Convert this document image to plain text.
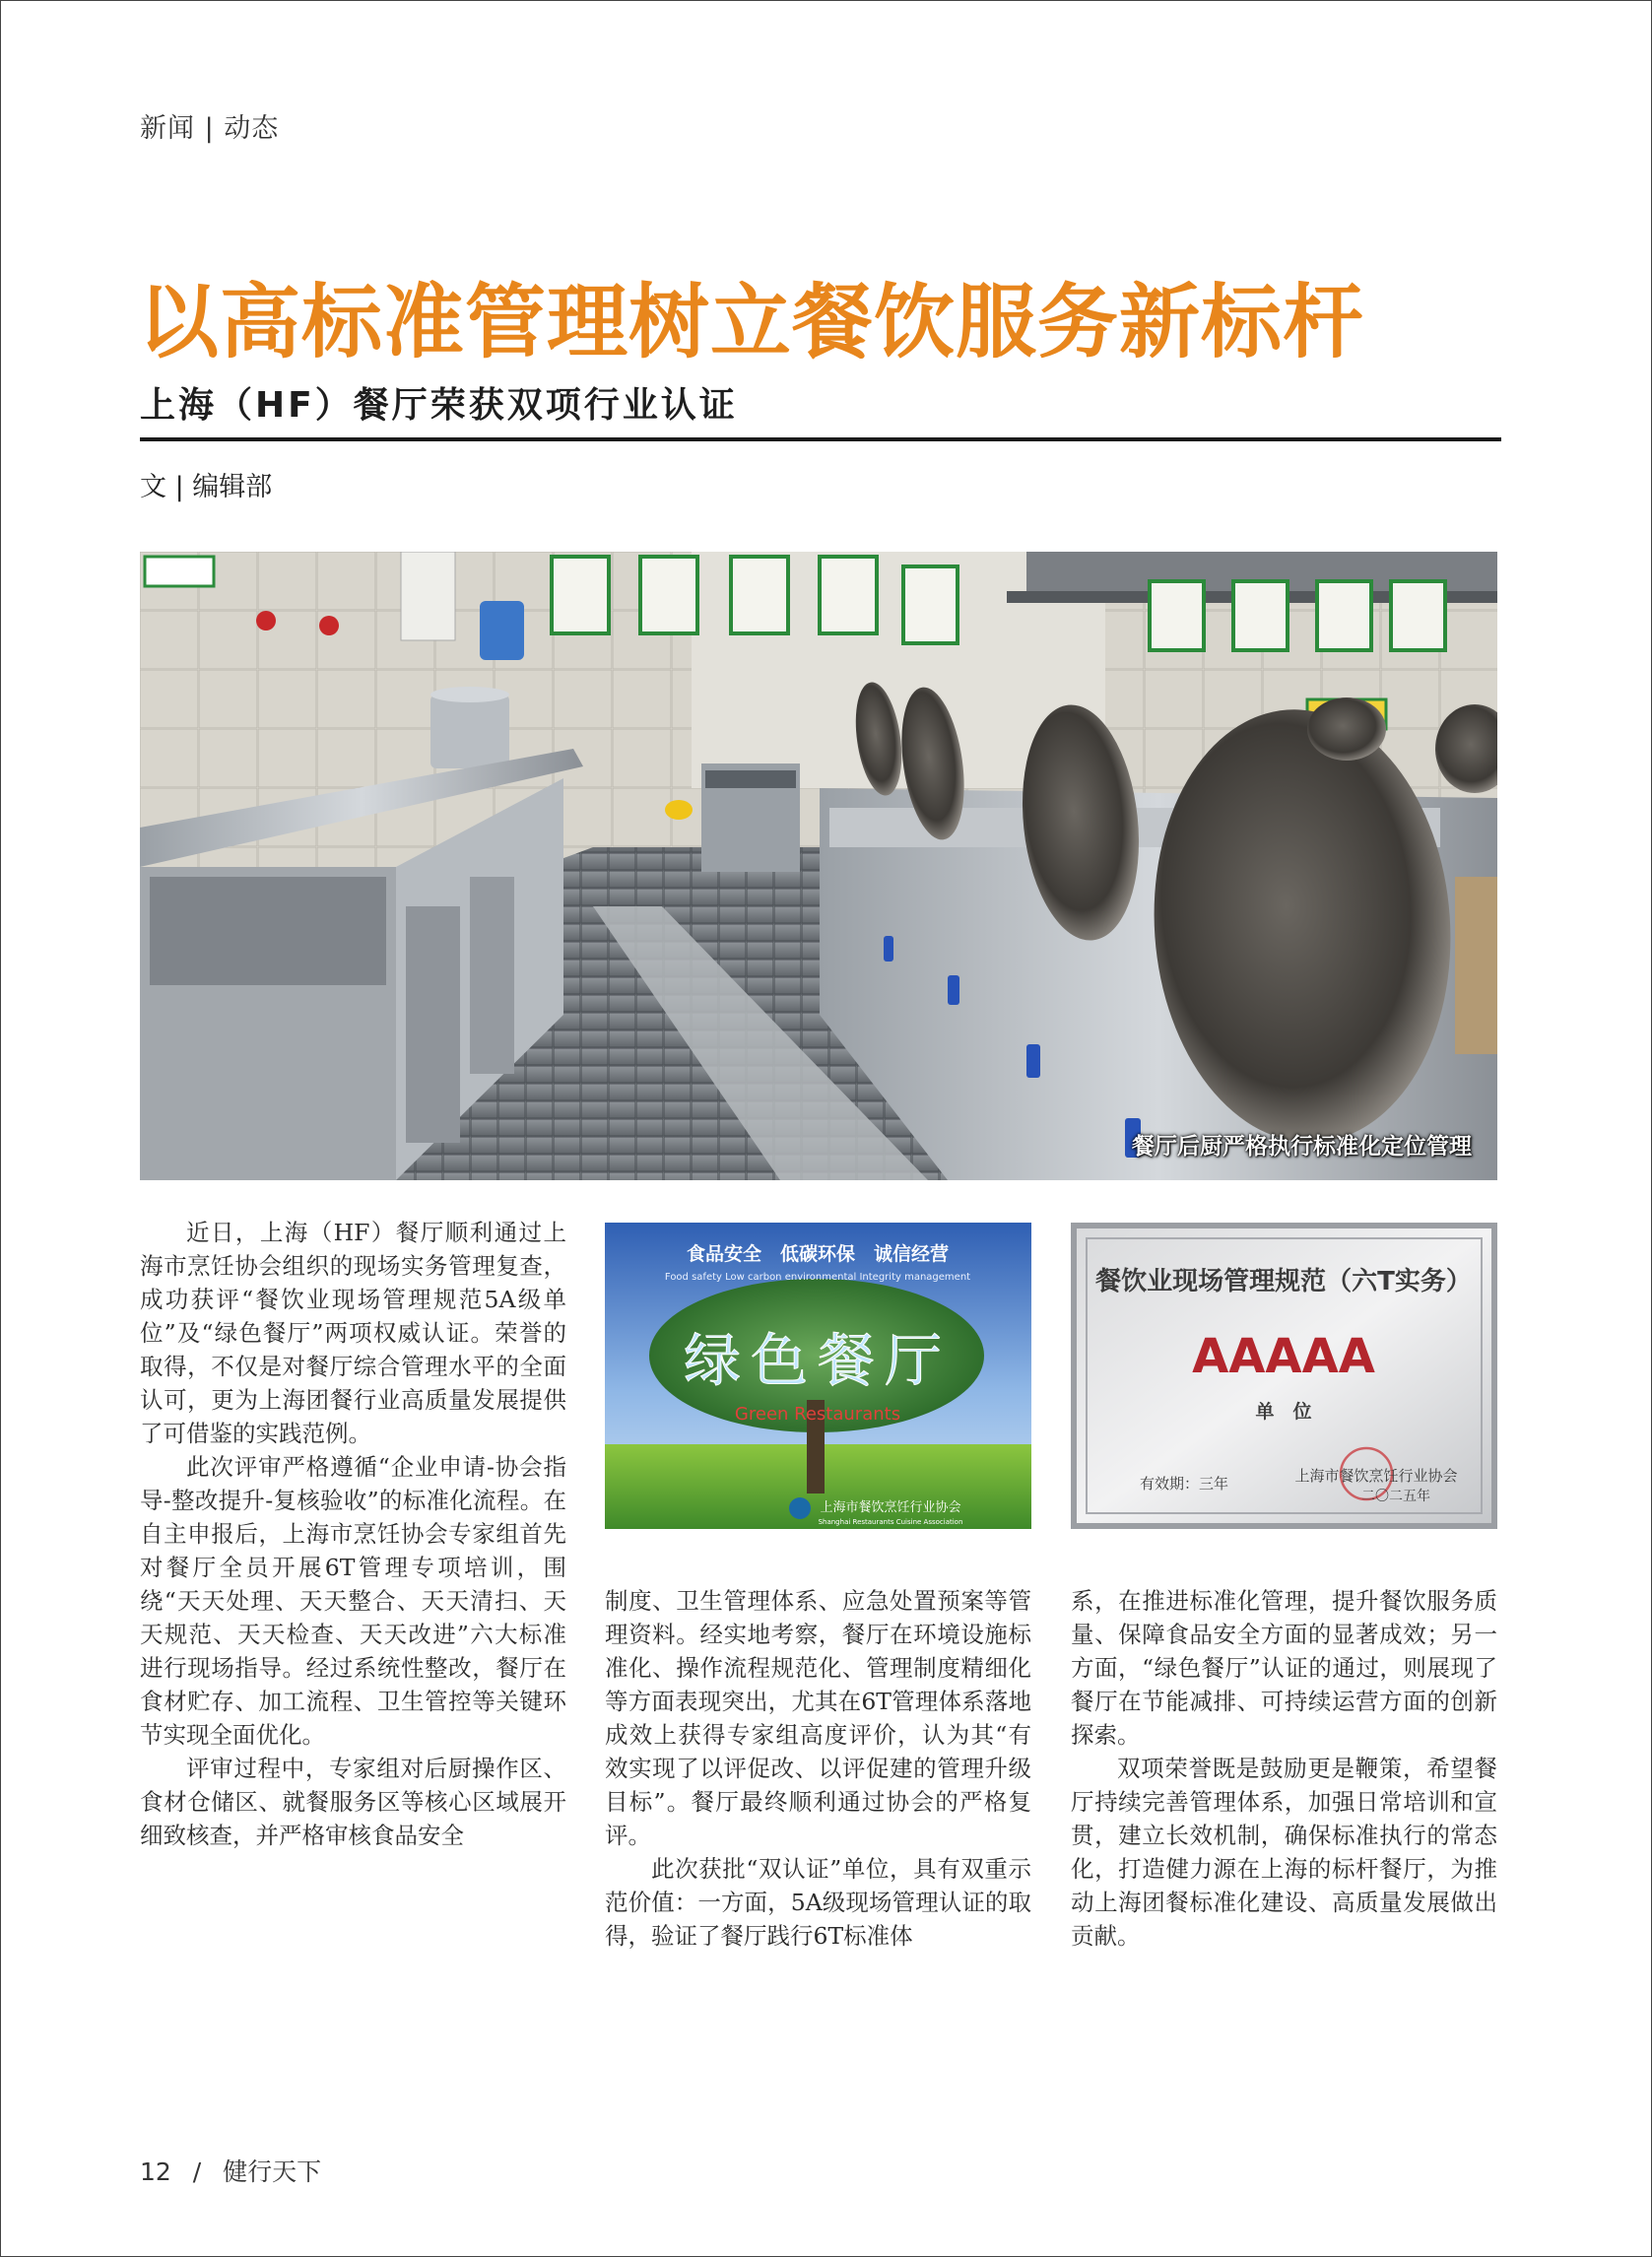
新闻 | 动态
以高标准管理树立餐饮服务新标杆
上海（HF）餐厅荣获双项行业认证
文 | 编辑部
餐厅后厨严格执行标准化定位管理

近日，上海（HF）餐厅顺利通过上海市烹饪协会组织的现场实务管理复查，成功获评“餐饮业现场管理规范5A级单位”及“绿色餐厅”两项权威认证。荣誉的取得，不仅是对餐厅综合管理水平的全面认可，更为上海团餐行业高质量发展提供了可借鉴的实践范例。

此次评审严格遵循“企业申请-协会指导-整改提升-复核验收”的标准化流程。在自主申报后，上海市烹饪协会专家组首先对餐厅全员开展6T管理专项培训，围绕“天天处理、天天整合、天天清扫、天天规范、天天检查、天天改进”六大标准进行现场指导。经过系统性整改，餐厅在食材贮存、加工流程、卫生管控等关键环节实现全面优化。

评审过程中，专家组对后厨操作区、食材仓储区、就餐服务区等核心区域展开细致核查，并严格审核食品安全

食品安全　低碳环保　诚信经营
Food safety Low carbon environmental Integrity management
绿色餐厅
Green Restaurants
上海市餐饮烹饪行业协会
Shanghai Restaurants Cuisine Association
餐饮业现场管理规范（六T实务）
AAAAA
单　位
有效期：三年	上海市餐饮烹饪行业协会
二〇二五年

制度、卫生管理体系、应急处置预案等管理资料。经实地考察，餐厅在环境设施标准化、操作流程规范化、管理制度精细化等方面表现突出，尤其在6T管理体系落地成效上获得专家组高度评价，认为其“有效实现了以评促改、以评促建的管理升级目标”。餐厅最终顺利通过协会的严格复评。

此次获批“双认证”单位，具有双重示范价值：一方面，5A级现场管理认证的取得，验证了餐厅践行6T标准体

系，在推进标准化管理，提升餐饮服务质量、保障食品安全方面的显著成效；另一方面，“绿色餐厅”认证的通过，则展现了餐厅在节能减排、可持续运营方面的创新探索。

双项荣誉既是鼓励更是鞭策，希望餐厅持续完善管理体系，加强日常培训和宣贯，建立长效机制，确保标准执行的常态化，打造健力源在上海的标杆餐厅，为推动上海团餐标准化建设、高质量发展做出贡献。

12 / 健行天下
